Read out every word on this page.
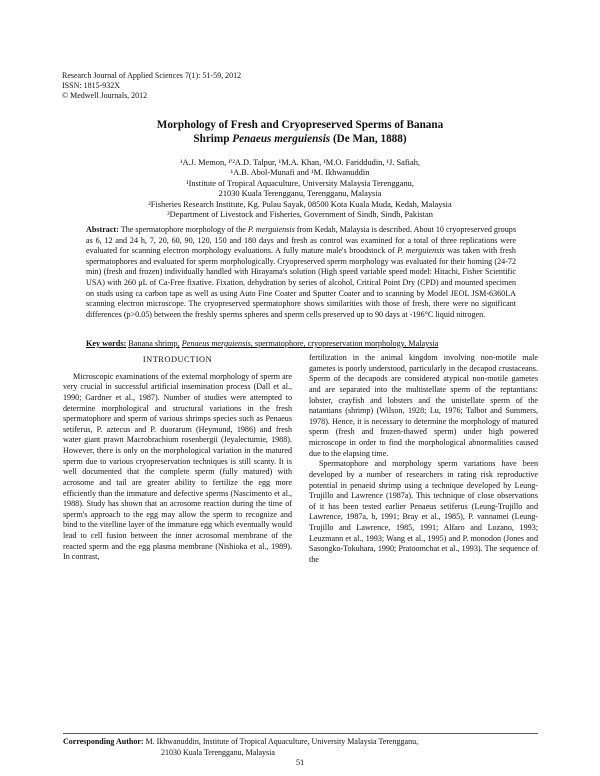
Research Journal of Applied Sciences 7(1): 51-59, 2012
ISSN: 1815-932X
© Medwell Journals, 2012
Morphology of Fresh and Cryopreserved Sperms of Banana
Shrimp Penaeus merguiensis (De Man, 1888)
¹A.J. Memon, ¹'²A.D. Talpur, ¹M.A. Khan, ¹M.O. Fariddudin, ¹J. Safiah,
¹A.B. Abol-Munafi and ¹M. Ikhwanuddin
¹Institute of Tropical Aquaculture, University Malaysia Terengganu,
21030 Kuala Terengganu, Terengganu, Malaysia
²Fisheries Research Institute, Kg. Pulau Sayak, 08500 Kota Kuala Muda, Kedah, Malaysia
³Department of Livestock and Fisheries, Government of Sindh, Sindh, Pakistan
Abstract: The spermatophore morphology of the P. merguiensis from Kedah, Malaysia is described. About 10 cryopreserved groups as 6, 12 and 24 h, 7, 20, 60, 90, 120, 150 and 180 days and fresh as control was examined for a total of three replications were evaluated for scanning electron morphology evaluations. A fully mature male's broodstock of P. merguiensis was taken with fresh spermatophores and evaluated for sperm morphologically. Cryopreserved sperm morphology was evaluated for their homing (24-72 min) (fresh and frozen) individually handled with Hirayama's solution (High speed variable speed model: Hitachi, Fisher Scientific USA) with 260 μL of Ca-Free fixative. Fixation, dehydration by series of alcohol, Critical Point Dry (CPD) and mounted specimen on studs using ca carbon tape as well as using Auto Fine Coater and Sputter Coater and to scanning by Model JEOL JSM-6360LA scanning electron microscope. The cryopreserved spermatophore shows similarities with those of fresh, there were no significant differences (p>0.05) between the freshly sperms spheres and sperm cells preserved up to 90 days at -196°C liquid nitrogen.
Key words: Banana shrimp, Penaeus merguiensis, spermatophore, cryopreservation morphology, Malaysia
INTRODUCTION

Microscopic examinations of the external morphology of sperm are very crucial in successful artificial insemination process (Dall et al., 1990; Gardner et al., 1987). Number of studies were attempted to determine morphological and structural variations in the fresh spermatophore and sperm of various shrimps species such as Penaeus setiferus, P. aztecus and P. duorarum (Heymund, 1986) and fresh water giant prawn Macrobrachium rosenbergii (Jeyalectumie, 1988). However, there is only on the morphological variation in the matured sperm due to various cryopreservation techniques is still scanty. It is well documented that the complete sperm (fully matured) with acrosome and tail are greater ability to fertilize the egg more efficiently than the immature and defective sperms (Nascimento et al., 1988). Study has shown that an acrosome reaction during the time of sperm's approach to the egg may allow the sperm to recognize and bind to the vitelline layer of the immature egg which eventually would lead to cell fusion between the inner acrosomal membrane of the reacted sperm and the egg plasma membrane (Nishioka et al., 1989). In contrast,

fertilization in the animal kingdom involving non-motile male gametes is poorly understood, particularly in the decapod crustaceans. Sperm of the decapods are considered atypical non-motile gametes and are separated into the multistellate sperm of the reptantians: lobster, crayfish and lobsters and the unistellate sperm of the natantians (shrimp) (Wilson, 1928; Lu, 1976; Talbot and Summers, 1978). Hence, it is necessary to determine the morphology of matured sperm (fresh and frozen-thawed sperm) under high powered microscope in order to find the morphological abnormalities caused due to the elapsing time.

Spermatophore and morphology sperm variations have been developed by a number of researchers in rating risk reproductive potential in penaeid shrimp using a technique developed by Leung-Trujillo and Lawrence (1987a). This technique of close observations of it has been tested earlier Penaeus setiferus (Leung-Trujillo and Lawrence, 1987a, b, 1991; Bray et al., 1985), P. vannamei (Leung-Trujillo and Lawrence, 1985, 1991; Alfaro and Lozano, 1993; Leuzmann et al., 1993; Wang et al., 1995) and P. monodon (Jones and Sasongko-Tokuhara, 1990; Pratoomchat et al., 1993). The sequence of the

Corresponding Author: M. Ikhwanuddin, Institute of Tropical Aquaculture, University Malaysia Terengganu,
21030 Kuala Terengganu, Malaysia
51
